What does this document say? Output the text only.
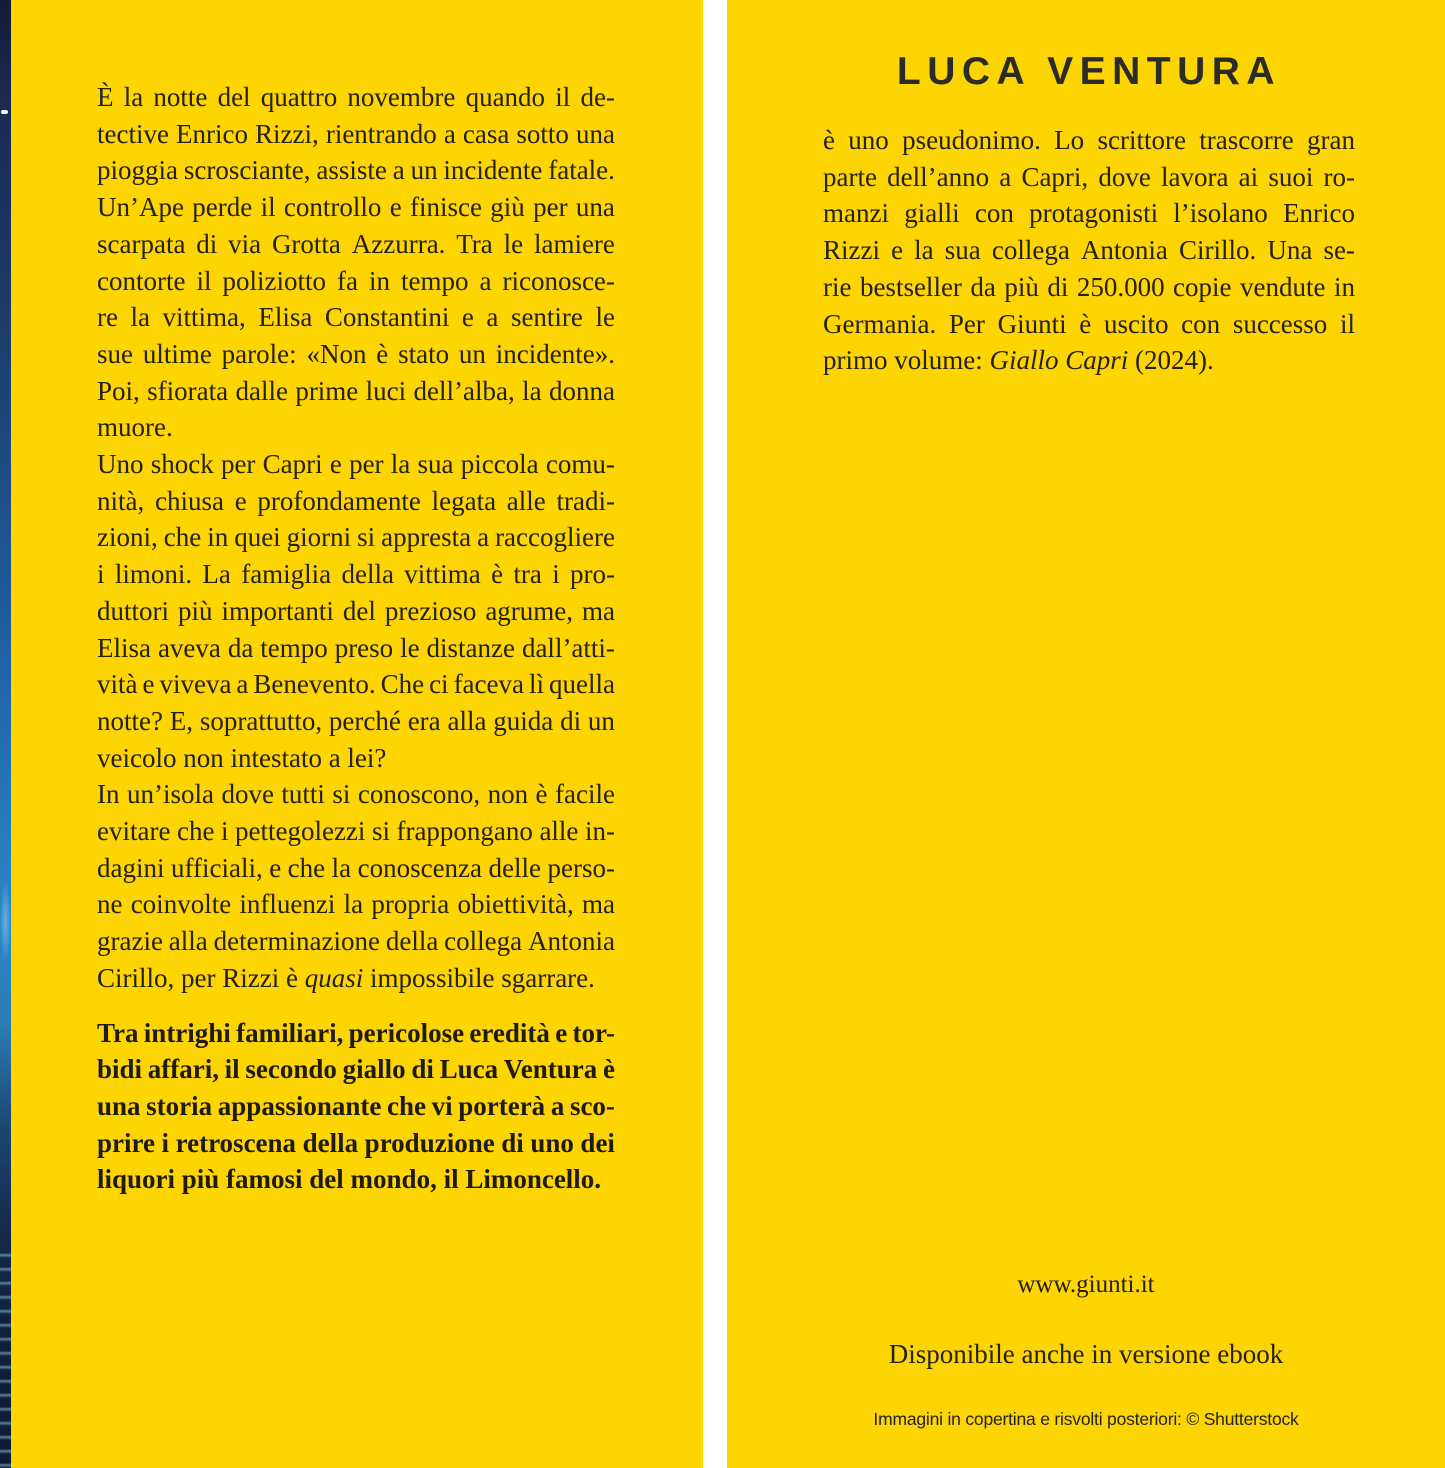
È la notte del quattro novembre quando il de-
tective Enrico Rizzi, rientrando a casa sotto una
pioggia scrosciante, assiste a un incidente fatale.
Un’Ape perde il controllo e finisce giù per una
scarpata di via Grotta Azzurra. Tra le lamiere
contorte il poliziotto fa in tempo a riconosce-
re la vittima, Elisa Constantini e a sentire le
sue ultime parole: «Non è stato un incidente».
Poi, sfiorata dalle prime luci dell’alba, la donna
muore.
Uno shock per Capri e per la sua piccola comu-
nità, chiusa e profondamente legata alle tradi-
zioni, che in quei giorni si appresta a raccogliere
i limoni. La famiglia della vittima è tra i pro-
duttori più importanti del prezioso agrume, ma
Elisa aveva da tempo preso le distanze dall’atti-
vità e viveva a Benevento. Che ci faceva lì quella
notte? E, soprattutto, perché era alla guida di un
veicolo non intestato a lei?
In un’isola dove tutti si conoscono, non è facile
evitare che i pettegolezzi si frappongano alle in-
dagini ufficiali, e che la conoscenza delle perso-
ne coinvolte influenzi la propria obiettività, ma
grazie alla determinazione della collega Antonia
Cirillo, per Rizzi è quasi impossibile sgarrare.
Tra intrighi familiari, pericolose eredità e tor-
bidi affari, il secondo giallo di Luca Ventura è
una storia appassionante che vi porterà a sco-
prire i retroscena della produzione di uno dei
liquori più famosi del mondo, il Limoncello.
LUCA VENTURA
è uno pseudonimo. Lo scrittore trascorre gran
parte dell’anno a Capri, dove lavora ai suoi ro-
manzi gialli con protagonisti l’isolano Enrico
Rizzi e la sua collega Antonia Cirillo. Una se-
rie bestseller da più di 250.000 copie vendute in
Germania. Per Giunti è uscito con successo il
primo volume: Giallo Capri (2024).
www.giunti.it
Disponibile anche in versione ebook
Immagini in copertina e risvolti posteriori: © Shutterstock
